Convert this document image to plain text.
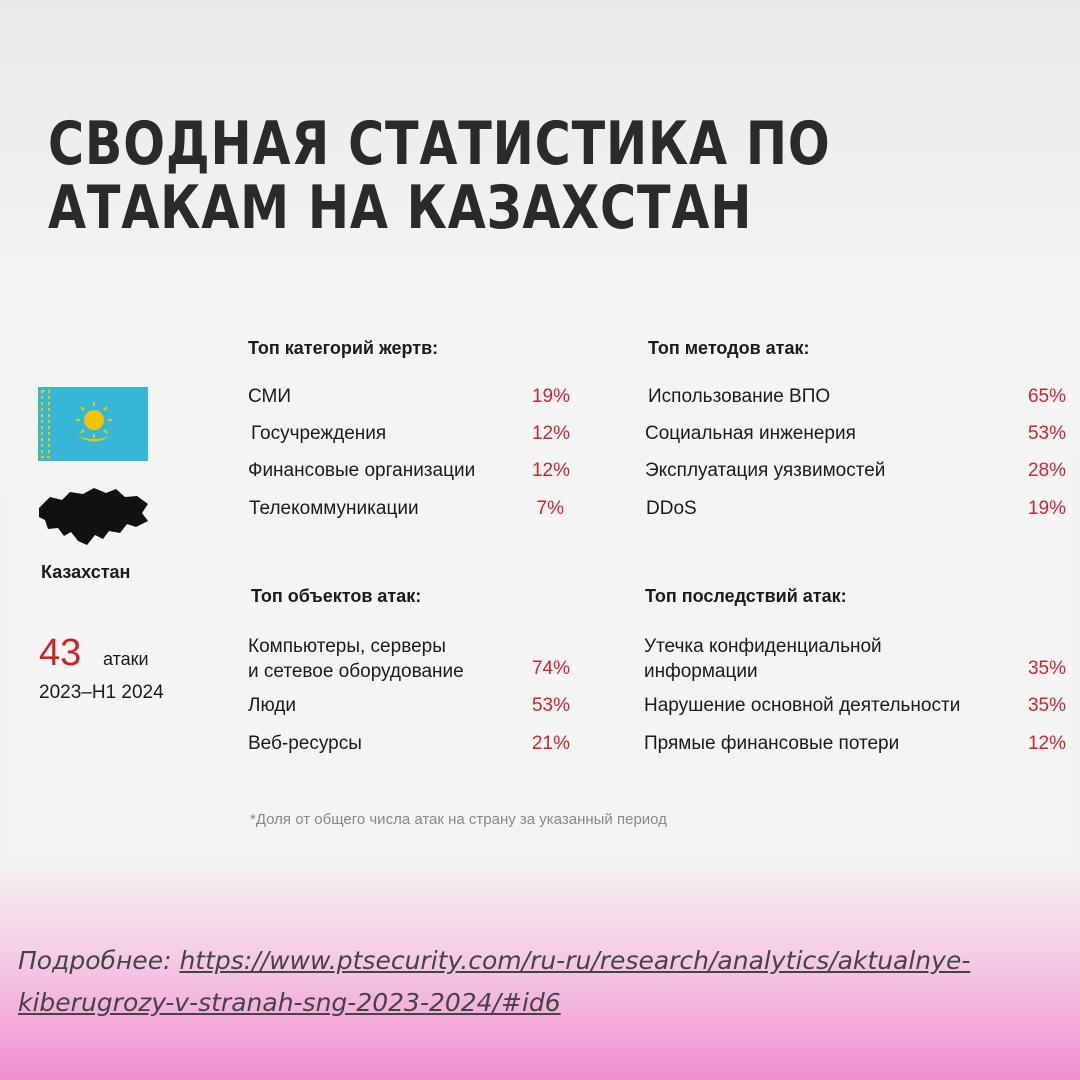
СВОДНАЯ СТАТИСТИКА ПО
АТАКАМ НА КАЗАХСТАН
Казахстан
43 атаки
2023–H1 2024
Топ категорий жертв:
СМИ	19%
Госучреждения	12%
Финансовые организации	12%
Телекоммуникации	7%
Топ методов атак:
Использование ВПО	65%
Социальная инженерия	53%
Эксплуатация уязвимостей	28%
DDoS	19%
Топ объектов атак:
Компьютеры, серверы
и сетевое оборудование	74%
Люди	53%
Веб-ресурсы	21%
Топ последствий атак:
Утечка конфиденциальной
информации	35%
Нарушение основной деятельности	35%
Прямые финансовые потери	12%
*Доля от общего числа атак на страну за указанный период
Подробнее: https://www.ptsecurity.com/ru-ru/research/analytics/aktualnye-
kiberugrozy-v-stranah-sng-2023-2024/#id6
